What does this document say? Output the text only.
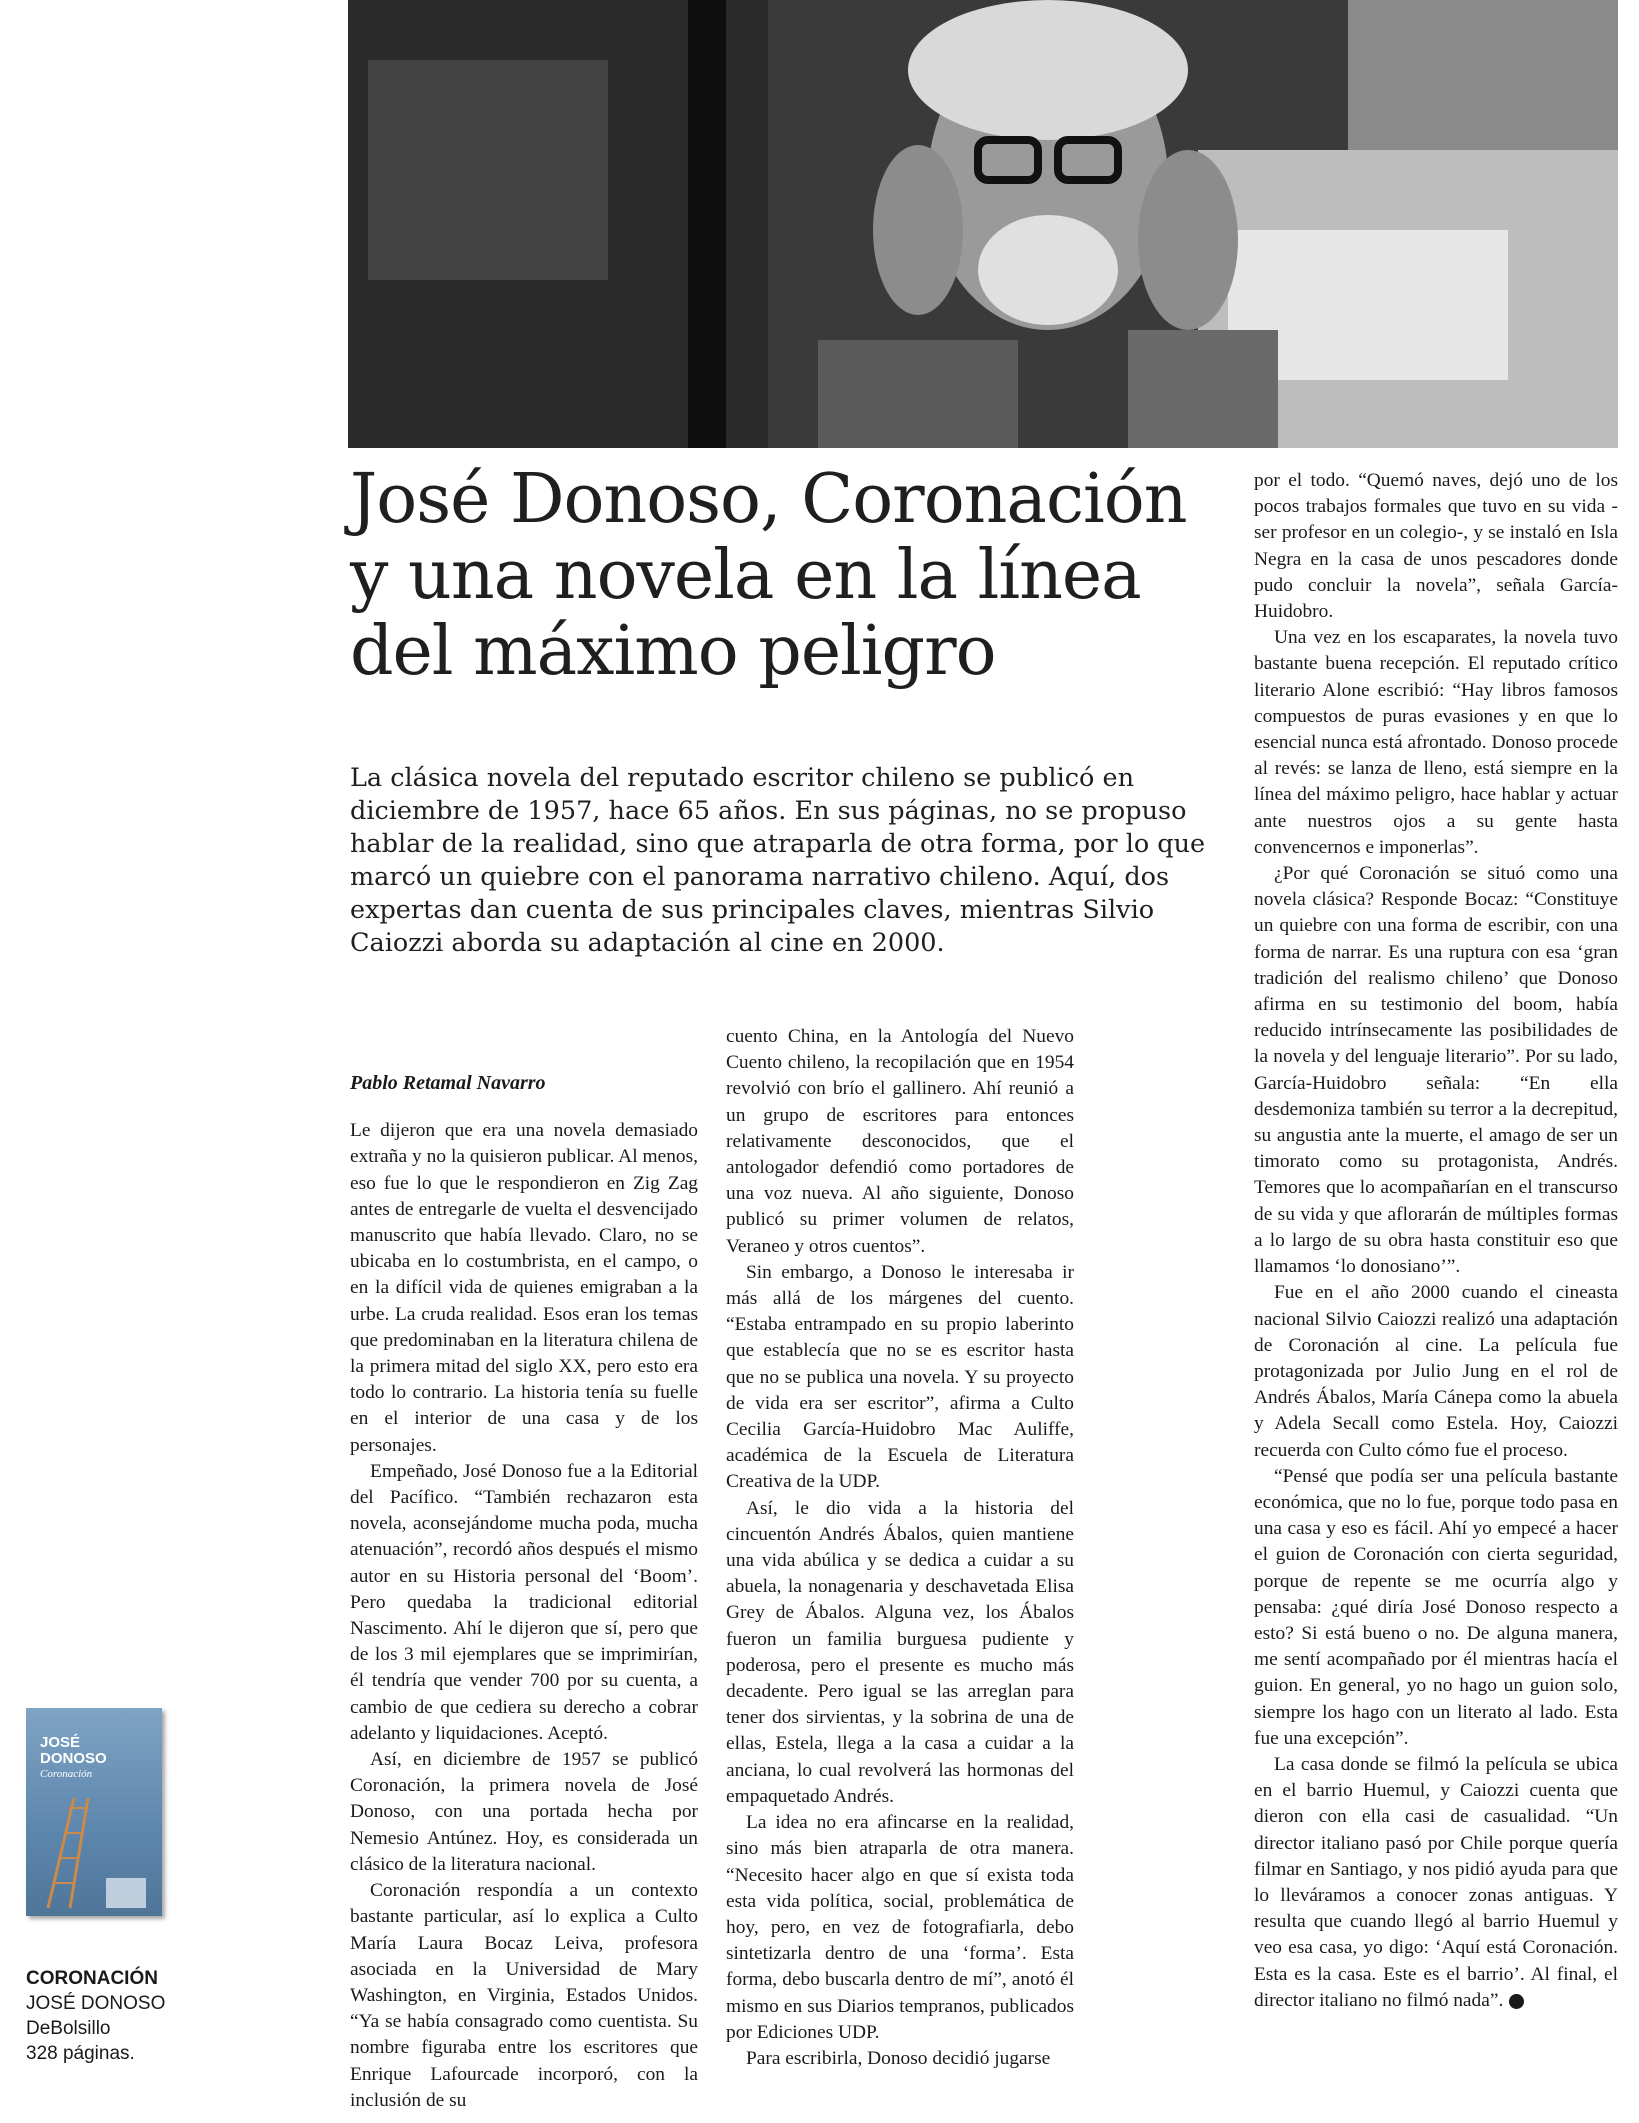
José Donoso, Coronación
y una novela en la línea
del máximo peligro

La clásica novela del reputado escritor chileno se publicó en diciembre de 1957, hace 65 años. En sus páginas, no se propuso hablar de la realidad, sino que atraparla de otra forma, por lo que marcó un quiebre con el panorama narrativo chileno. Aquí, dos expertas dan cuenta de sus principales claves, mientras Silvio Caiozzi aborda su adaptación al cine en 2000.

Pablo Retamal Navarro

Le dijeron que era una novela demasiado extraña y no la quisieron publicar. Al menos, eso fue lo que le respondieron en Zig Zag antes de entregarle de vuelta el desvencijado manuscrito que había llevado. Claro, no se ubicaba en lo costumbrista, en el campo, o en la difícil vida de quienes emigraban a la urbe. La cruda realidad. Esos eran los temas que predominaban en la literatura chilena de la primera mitad del siglo XX, pero esto era todo lo contrario. La historia tenía su fuelle en el interior de una casa y de los personajes.

Empeñado, José Donoso fue a la Editorial del Pacífico. “También rechazaron esta novela, aconsejándome mucha poda, mucha atenuación”, recordó años después el mismo autor en su Historia personal del ‘Boom’. Pero quedaba la tradicional editorial Nascimento. Ahí le dijeron que sí, pero que de los 3 mil ejemplares que se imprimirían, él tendría que vender 700 por su cuenta, a cambio de que cediera su derecho a cobrar adelanto y liquidaciones. Aceptó.

Así, en diciembre de 1957 se publicó Coronación, la primera novela de José Donoso, con una portada hecha por Nemesio Antúnez. Hoy, es considerada un clásico de la literatura nacional.

Coronación respondía a un contexto bastante particular, así lo explica a Culto María Laura Bocaz Leiva, profesora asociada en la Universidad de Mary Washington, en Virginia, Estados Unidos. “Ya se había consagrado como cuentista. Su nombre figuraba entre los escritores que Enrique Lafourcade incorporó, con la inclusión de su

cuento China, en la Antología del Nuevo Cuento chileno, la recopilación que en 1954 revolvió con brío el gallinero. Ahí reunió a un grupo de escritores para entonces relativamente desconocidos, que el antologador defendió como portadores de una voz nueva. Al año siguiente, Donoso publicó su primer volumen de relatos, Veraneo y otros cuentos”.

Sin embargo, a Donoso le interesaba ir más allá de los márgenes del cuento. “Estaba entrampado en su propio laberinto que establecía que no se es escritor hasta que no se publica una novela. Y su proyecto de vida era ser escritor”, afirma a Culto Cecilia García-Huidobro Mac Auliffe, académica de la Escuela de Literatura Creativa de la UDP.

Así, le dio vida a la historia del cincuentón Andrés Ábalos, quien mantiene una vida abúlica y se dedica a cuidar a su abuela, la nonagenaria y deschavetada Elisa Grey de Ábalos. Alguna vez, los Ábalos fueron un familia burguesa pudiente y poderosa, pero el presente es mucho más decadente. Pero igual se las arreglan para tener dos sirvientas, y la sobrina de una de ellas, Estela, llega a la casa a cuidar a la anciana, lo cual revolverá las hormonas del empaquetado Andrés.

La idea no era afincarse en la realidad, sino más bien atraparla de otra manera. “Necesito hacer algo en que sí exista toda esta vida política, social, problemática de hoy, pero, en vez de fotografiarla, debo sintetizarla dentro de una ‘forma’. Esta forma, debo buscarla dentro de mí”, anotó él mismo en sus Diarios tempranos, publicados por Ediciones UDP.

Para escribirla, Donoso decidió jugarse

por el todo. “Quemó naves, dejó uno de los pocos trabajos formales que tuvo en su vida -ser profesor en un colegio-, y se instaló en Isla Negra en la casa de unos pescadores donde pudo concluir la novela”, señala García-Huidobro.

Una vez en los escaparates, la novela tuvo bastante buena recepción. El reputado crítico literario Alone escribió: “Hay libros famosos compuestos de puras evasiones y en que lo esencial nunca está afrontado. Donoso procede al revés: se lanza de lleno, está siempre en la línea del máximo peligro, hace hablar y actuar ante nuestros ojos a su gente hasta convencernos e imponerlas”.

¿Por qué Coronación se situó como una novela clásica? Responde Bocaz: “Constituye un quiebre con una forma de escribir, con una forma de narrar. Es una ruptura con esa ‘gran tradición del realismo chileno’ que Donoso afirma en su testimonio del boom, había reducido intrínsecamente las posibilidades de la novela y del lenguaje literario”. Por su lado, García-Huidobro señala: “En ella desdemoniza también su terror a la decrepitud, su angustia ante la muerte, el amago de ser un timorato como su protagonista, Andrés. Temores que lo acompañarían en el transcurso de su vida y que aflorarán de múltiples formas a lo largo de su obra hasta constituir eso que llamamos ‘lo donosiano’”.

Fue en el año 2000 cuando el cineasta nacional Silvio Caiozzi realizó una adaptación de Coronación al cine. La película fue protagonizada por Julio Jung en el rol de Andrés Ábalos, María Cánepa como la abuela y Adela Secall como Estela. Hoy, Caiozzi recuerda con Culto cómo fue el proceso.

“Pensé que podía ser una película bastante económica, que no lo fue, porque todo pasa en una casa y eso es fácil. Ahí yo empecé a hacer el guion de Coronación con cierta seguridad, porque de repente se me ocurría algo y pensaba: ¿qué diría José Donoso respecto a esto? Si está bueno o no. De alguna manera, me sentí acompañado por él mientras hacía el guion. En general, yo no hago un guion solo, siempre los hago con un literato al lado. Esta fue una excepción”.

La casa donde se filmó la película se ubica en el barrio Huemul, y Caiozzi cuenta que dieron con ella casi de casualidad. “Un director italiano pasó por Chile porque quería filmar en Santiago, y nos pidió ayuda para que lo lleváramos a conocer zonas antiguas. Y resulta que cuando llegó al barrio Huemul y veo esa casa, yo digo: ‘Aquí está Coronación. Esta es la casa. Este es el barrio’. Al final, el director italiano no filmó nada”.

JOSÉ
DONOSO
Coronación
CORONACIÓN
JOSÉ DONOSO
DeBolsillo
328 páginas.
